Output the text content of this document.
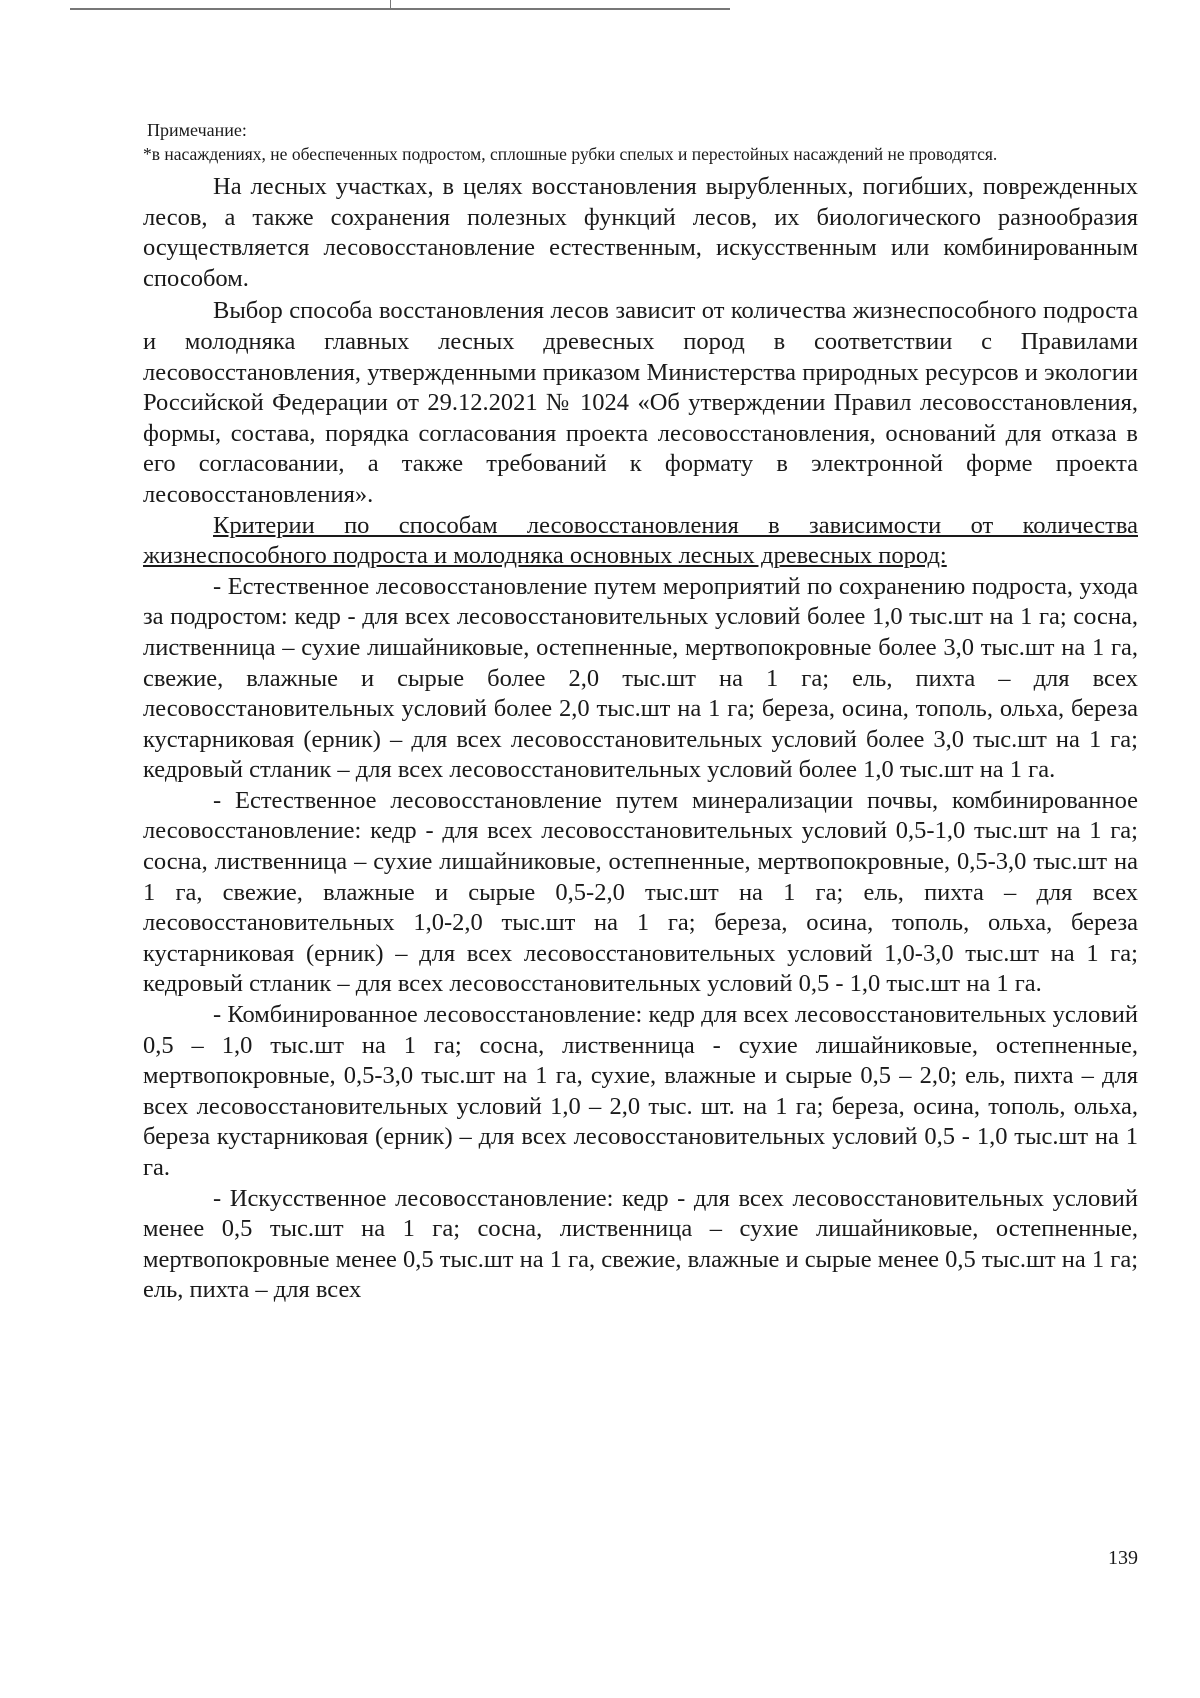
Примечание:

*в насаждениях, не обеспеченных подростом, сплошные рубки спелых и перестойных насаждений не проводятся.

На лесных участках, в целях восстановления вырубленных, погибших, поврежденных лесов, а также сохранения полезных функций лесов, их биологического разнообразия осуществляется лесовосстановление естественным, искусственным или комбинированным способом.

Выбор способа восстановления лесов зависит от количества жизнеспособного подроста и молодняка главных лесных древесных пород в соответствии с Правилами лесовосстановления, утвержденными приказом Министерства природных ресурсов и экологии Российской Федерации от 29.12.2021 № 1024 «Об утверждении Правил лесовосстановления, формы, состава, порядка согласования проекта лесовосстановления, оснований для отказа в его согласовании, а также требований к формату в электронной форме проекта лесовосстановления».

Критерии по способам лесовосстановления в зависимости от количества жизнеспособного подроста и молодняка основных лесных древесных пород:

- Естественное лесовосстановление путем мероприятий по сохранению подроста, ухода за подростом: кедр - для всех лесовосстановительных условий более 1,0 тыс.шт на 1 га; сосна, лиственница – сухие лишайниковые, остепненные, мертвопокровные более 3,0 тыс.шт на 1 га, свежие, влажные и сырые более 2,0 тыс.шт на 1 га; ель, пихта – для всех лесовосстановительных условий более 2,0 тыс.шт на 1 га; береза, осина, тополь, ольха, береза кустарниковая (ерник) – для всех лесовосстановительных условий более 3,0 тыс.шт на 1 га; кедровый стланик – для всех лесовосстановительных условий более 1,0 тыс.шт на 1 га.

- Естественное лесовосстановление путем минерализации почвы, комбинированное лесовосстановление: кедр - для всех лесовосстановительных условий 0,5-1,0 тыс.шт на 1 га; сосна, лиственница – сухие лишайниковые, остепненные, мертвопокровные, 0,5-3,0 тыс.шт на 1 га, свежие, влажные и сырые 0,5-2,0 тыс.шт на 1 га; ель, пихта – для всех лесовосстановительных 1,0-2,0 тыс.шт на 1 га; береза, осина, тополь, ольха, береза кустарниковая (ерник) – для всех лесовосстановительных условий 1,0-3,0 тыс.шт на 1 га; кедровый стланик – для всех лесовосстановительных условий 0,5 - 1,0 тыс.шт на 1 га.

- Комбинированное лесовосстановление: кедр для всех лесовосстановительных условий 0,5 – 1,0 тыс.шт на 1 га; сосна, лиственница - сухие лишайниковые, остепненные, мертвопокровные, 0,5-3,0 тыс.шт на 1 га, сухие, влажные и сырые 0,5 – 2,0; ель, пихта – для всех лесовосстановительных условий 1,0 – 2,0 тыс. шт. на 1 га; береза, осина, тополь, ольха, береза кустарниковая (ерник) – для всех лесовосстановительных условий 0,5 - 1,0 тыс.шт на 1 га.

- Искусственное лесовосстановление: кедр - для всех лесовосстановительных условий менее 0,5 тыс.шт на 1 га; сосна, лиственница – сухие лишайниковые, остепненные, мертвопокровные менее 0,5 тыс.шт на 1 га, свежие, влажные и сырые менее 0,5 тыс.шт на 1 га; ель, пихта – для всех

139
